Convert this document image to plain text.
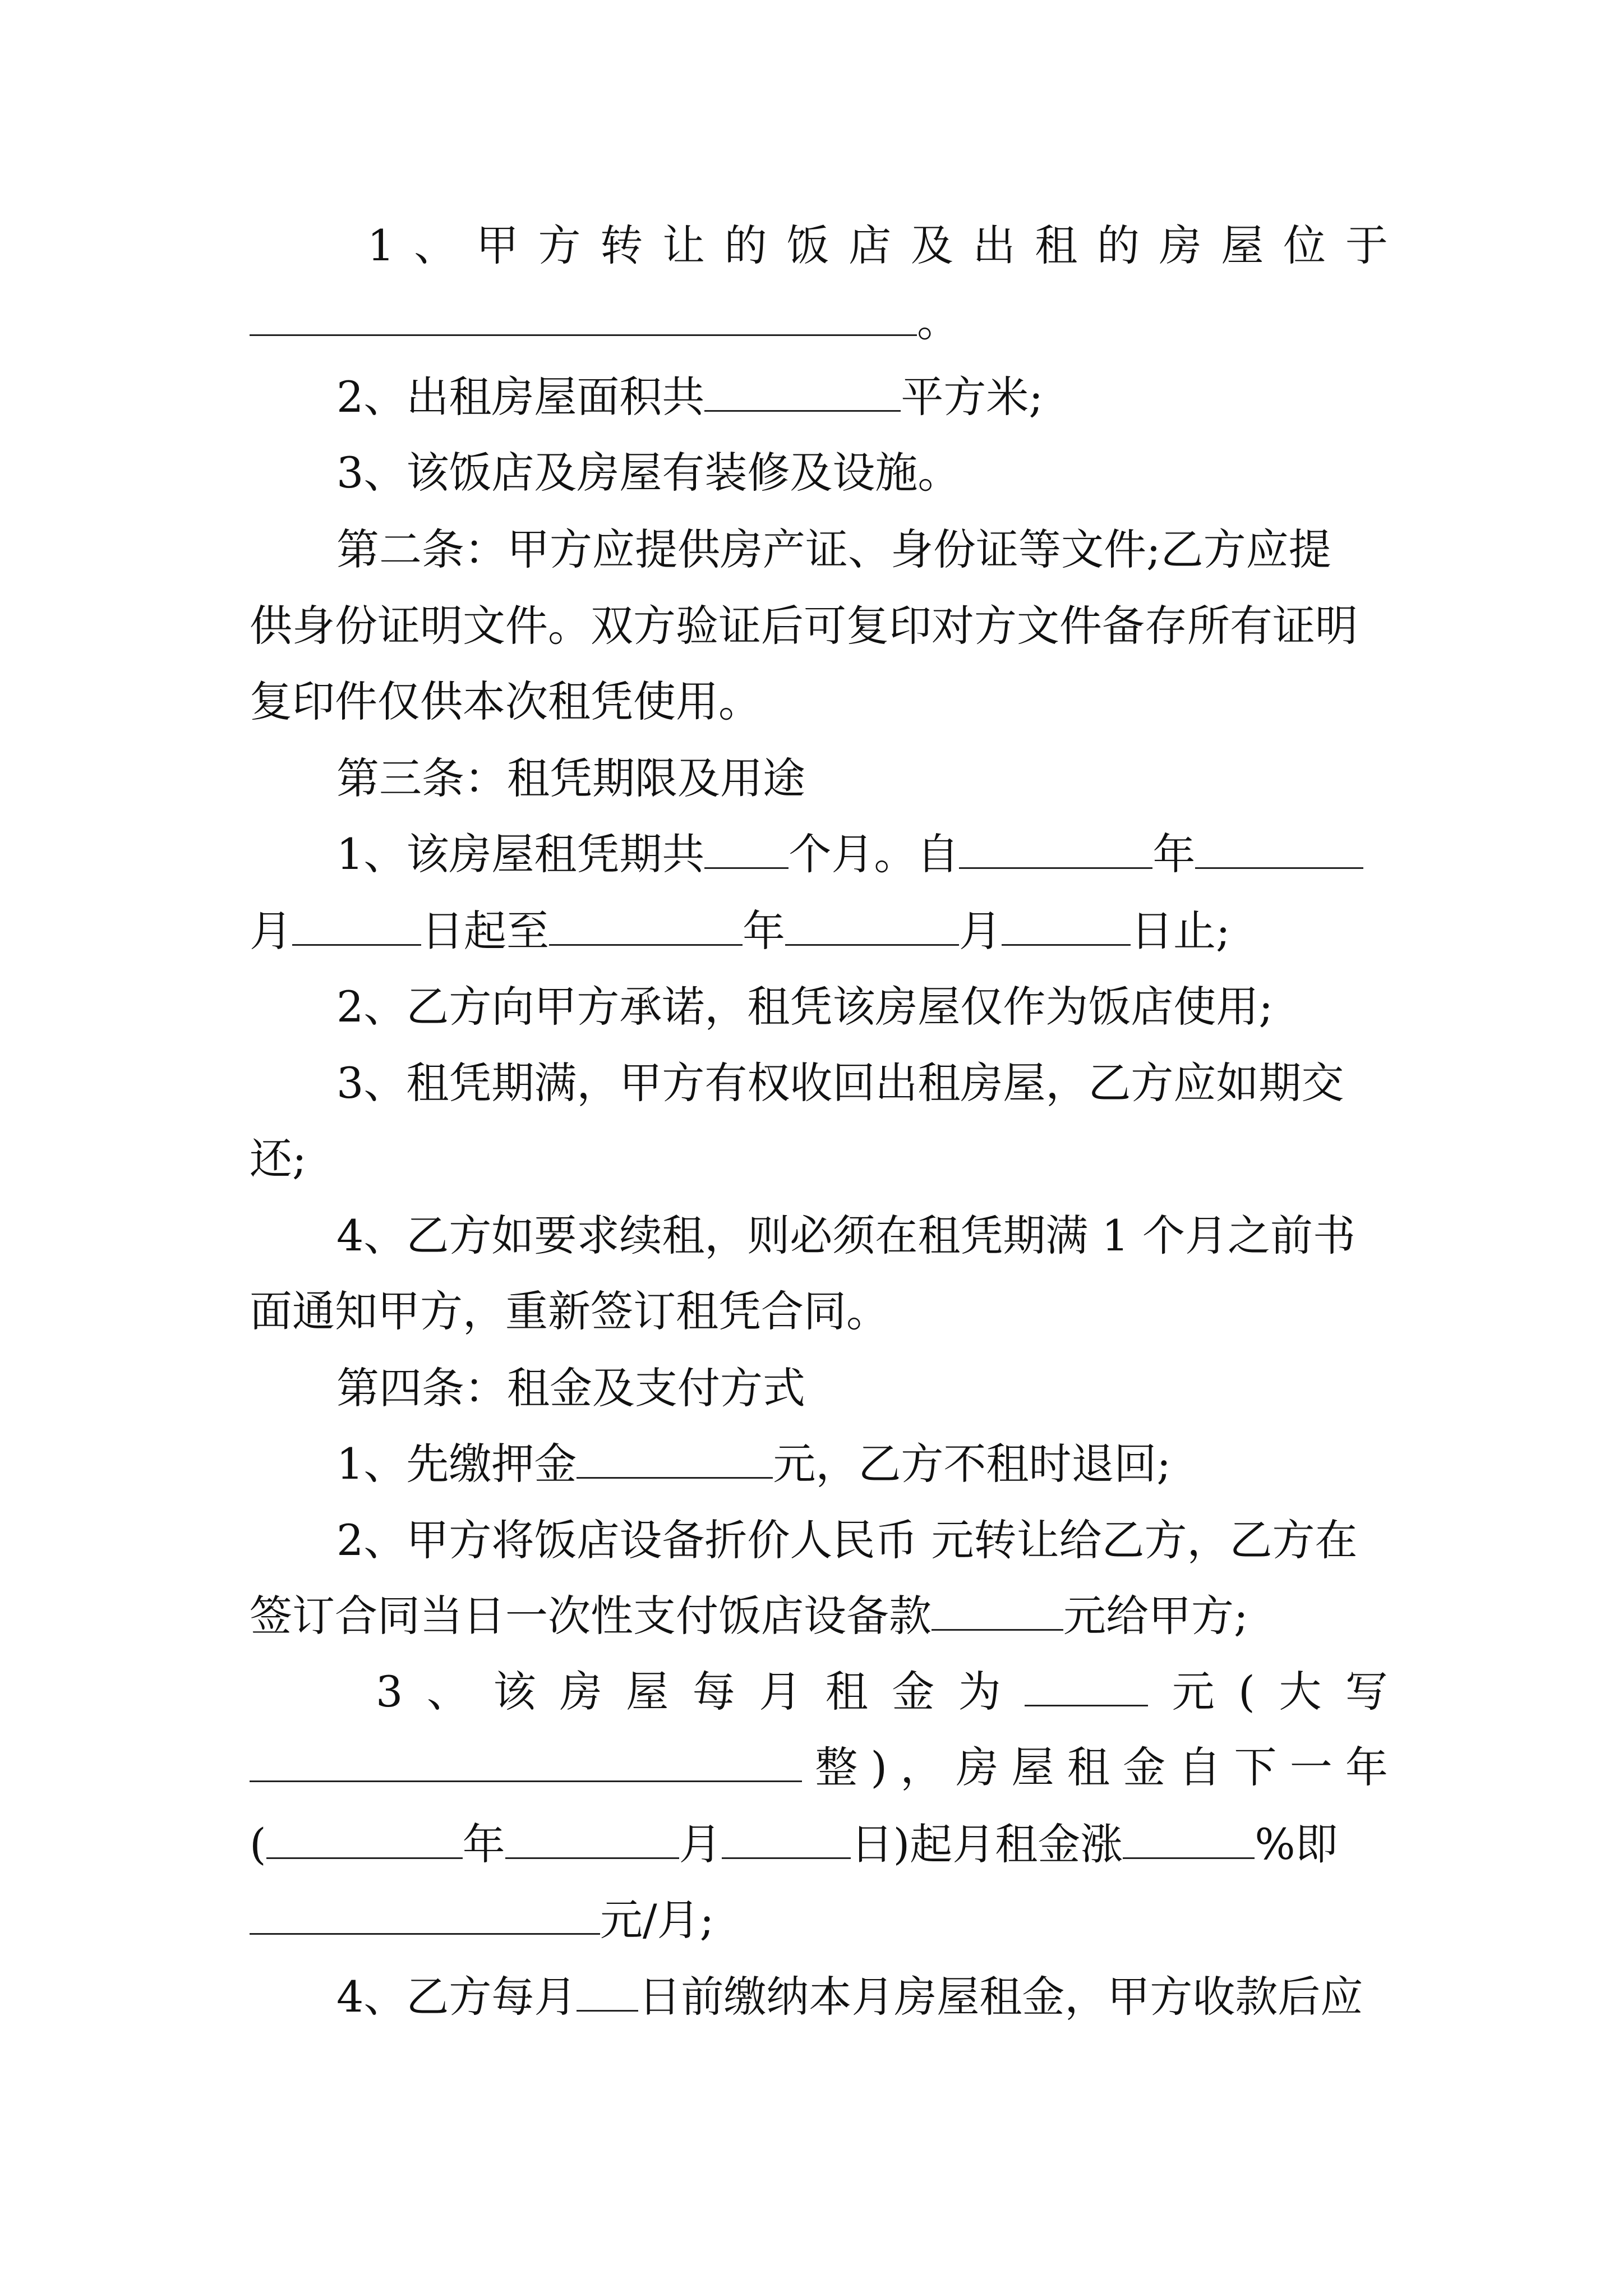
1 、 甲 方 转 让 的 饭 店 及 出 租 的 房 屋 位 于
。
2、出租房屋面积共	平方米;
3、该饭店及房屋有装修及设施。
第二条：甲方应提供房产证、身份证等文件;乙方应提
供身份证明文件。双方验证后可复印对方文件备存所有证明
复印件仅供本次租凭使用。
第三条：租凭期限及用途
1、该房屋租凭期共 个月。自	年
月	日起至	年	月	日止;
2、乙方向甲方承诺，租凭该房屋仅作为饭店使用;
3、租凭期满，甲方有权收回出租房屋，乙方应如期交
还;
4、乙方如要求续租，则必须在租凭期满 1 个月之前书
面通知甲方，重新签订租凭合同。
第四条：租金及支付方式
1、先缴押金	元，乙方不租时退回;
2、甲方将饭店设备折价人民币 元转让给乙方，乙方在
签订合同当日一次性支付饭店设备款	元给甲方;
3 、 该 房 屋 每 月 租 金 为	元 ( 大 写
整 ) ， 房 屋 租 金 自 下 一 年
(	年	月	日)起月租金涨	%即
元/月;
4、乙方每月 日前缴纳本月房屋租金，甲方收款后应
